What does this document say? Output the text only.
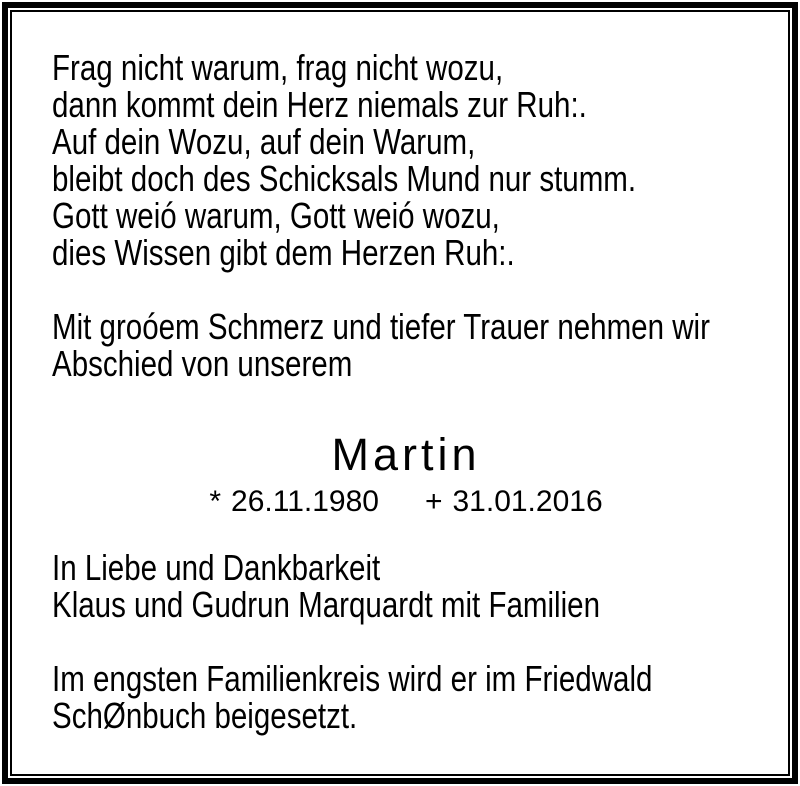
Frag nicht warum, frag nicht wozu,
dann kommt dein Herz niemals zur Ruh:.
Auf dein Wozu, auf dein Warum,
bleibt doch des Schicksals Mund nur stumm.
Gott weió warum, Gott weió wozu,
dies Wissen gibt dem Herzen Ruh:.
Mit groóem Schmerz und tiefer Trauer nehmen wir
Abschied von unserem
Martin
* 26.11.1980 + 31.01.2016
In Liebe und Dankbarkeit
Klaus und Gudrun Marquardt mit Familien
Im engsten Familienkreis wird er im Friedwald
SchØnbuch beigesetzt.
